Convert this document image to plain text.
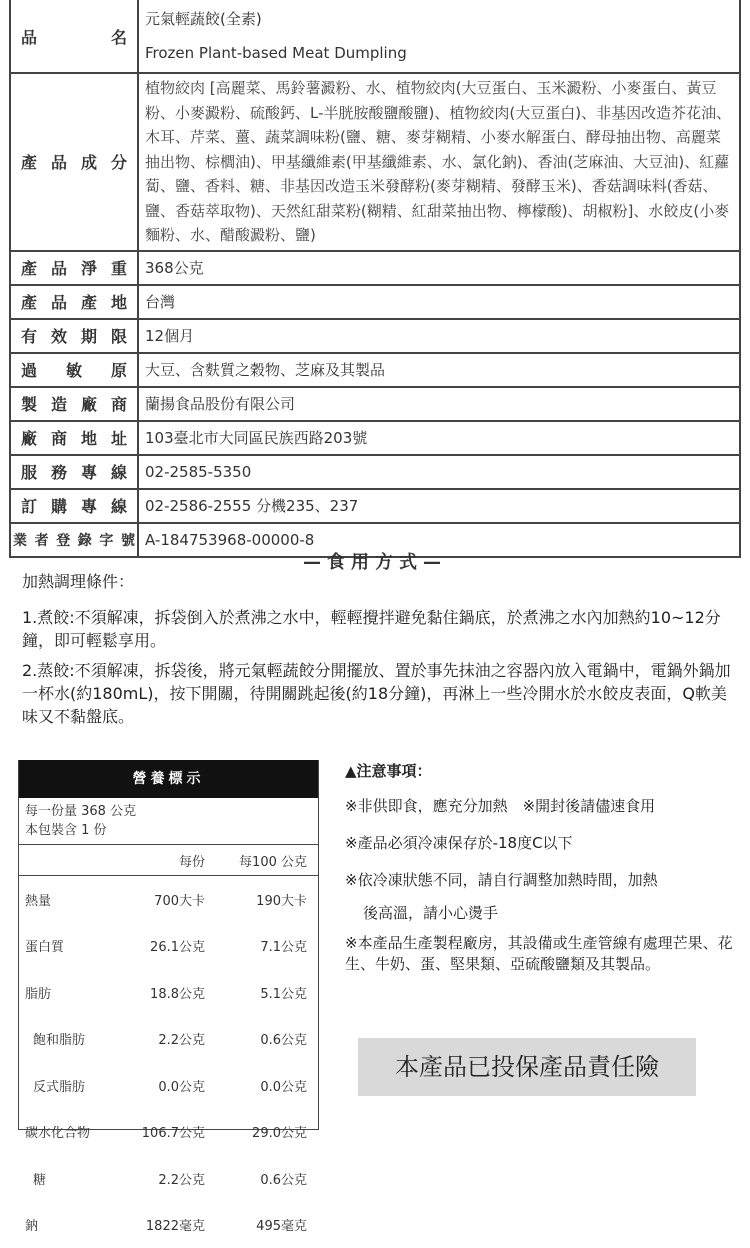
品　　名	元氣輕蔬餃(全素)
Frozen Plant-based Meat Dumpling

產品成分	植物絞肉 [高麗菜、馬鈴薯澱粉、水、植物絞肉(大豆蛋白、玉米澱粉、小麥蛋白、黃豆粉、小麥澱粉、硫酸鈣、L-半胱胺酸鹽酸鹽)、植物絞肉(大豆蛋白)、非基因改造芥花油、木耳、芹菜、薑、蔬菜調味粉(鹽、糖、麥芽糊精、小麥水解蛋白、酵母抽出物、高麗菜抽出物、棕櫚油)、甲基纖維素(甲基纖維素、水、氯化鈉)、香油(芝麻油、大豆油)、紅蘿蔔、鹽、香料、糖、非基因改造玉米發酵粉(麥芽糊精、發酵玉米)、香菇調味料(香菇、鹽、香菇萃取物)、天然紅甜菜粉(糊精、紅甜菜抽出物、檸檬酸)、胡椒粉]、水餃皮(小麥麵粉、水、醋酸澱粉、鹽)
產品淨重	368公克
產品產地	台灣
有效期限	12個月
過敏原	大豆、含麩質之穀物、芝麻及其製品
製造廠商	蘭揚食品股份有限公司
廠商地址	103臺北市大同區民族西路203號
服務專線	02-2585-5350
訂購專線	02-2586-2555 分機235、237
業者登錄字號	A-184753968-00000-8
—食用方式—
加熱調理條件：
1.煮餃:不須解凍，拆袋倒入於煮沸之水中，輕輕攪拌避免黏住鍋底，於煮沸之水內加熱約10~12分鐘，即可輕鬆享用。
2.蒸餃:不須解凍，拆袋後，將元氣輕蔬餃分開擺放、置於事先抹油之容器內放入電鍋中，電鍋外鍋加一杯水(約180mL)，按下開關，待開關跳起後(約18分鐘)，再淋上一些冷開水於水餃皮表面，Q軟美味又不黏盤底。
營養標示
每一份量 368 公克
本包裝含 1 份
每份	每100 公克
熱量	700大卡	190大卡
蛋白質	26.1公克	7.1公克
脂肪	18.8公克	5.1公克
飽和脂肪	2.2公克	0.6公克
反式脂肪	0.0公克	0.0公克
碳水化合物	106.7公克	29.0公克
糖	2.2公克	0.6公克
鈉	1822毫克	495毫克
▲注意事項：
※非供即食，應充分加熱　※開封後請儘速食用
※產品必須冷凍保存於-18度C以下
※依冷凍狀態不同，請自行調整加熱時間，加熱
後高溫，請小心燙手
※本產品生產製程廠房，其設備或生產管線有處理芒果、花生、牛奶、蛋、堅果類、亞硫酸鹽類及其製品。
本產品已投保產品責任險
